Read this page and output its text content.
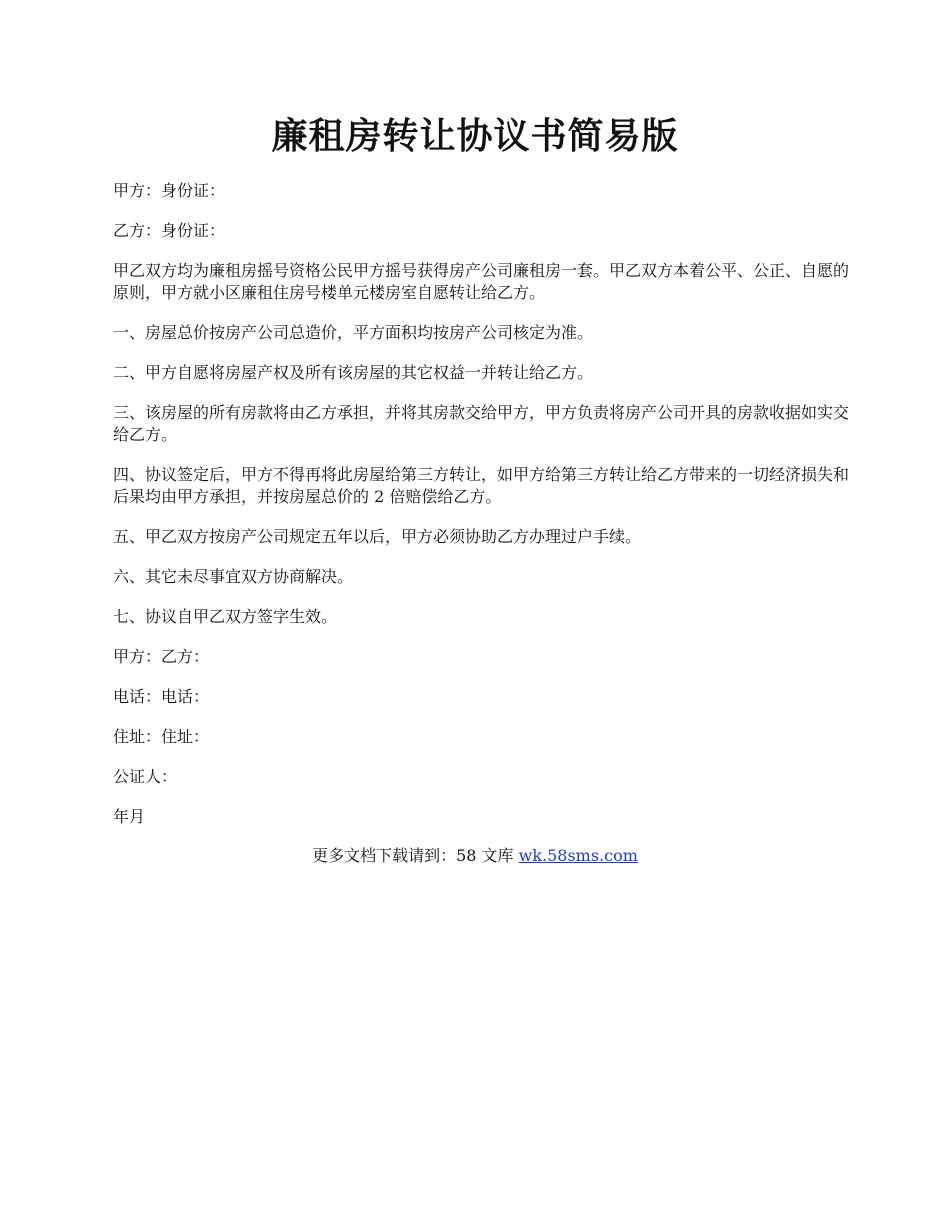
廉租房转让协议书简易版

甲方：身份证：

乙方：身份证：

甲乙双方均为廉租房摇号资格公民甲方摇号获得房产公司廉租房一套。甲乙双方本着公平、公正、自愿的原则，甲方就小区廉租住房号楼单元楼房室自愿转让给乙方。

一、房屋总价按房产公司总造价，平方面积均按房产公司核定为准。

二、甲方自愿将房屋产权及所有该房屋的其它权益一并转让给乙方。

三、该房屋的所有房款将由乙方承担，并将其房款交给甲方，甲方负责将房产公司开具的房款收据如实交给乙方。

四、协议签定后，甲方不得再将此房屋给第三方转让，如甲方给第三方转让给乙方带来的一切经济损失和后果均由甲方承担，并按房屋总价的 2 倍赔偿给乙方。

五、甲乙双方按房产公司规定五年以后，甲方必须协助乙方办理过户手续。

六、其它未尽事宜双方协商解决。

七、协议自甲乙双方签字生效。

甲方：乙方：

电话：电话：

住址：住址：

公证人：

年月

更多文档下载请到：58 文库 wk.58sms.com
